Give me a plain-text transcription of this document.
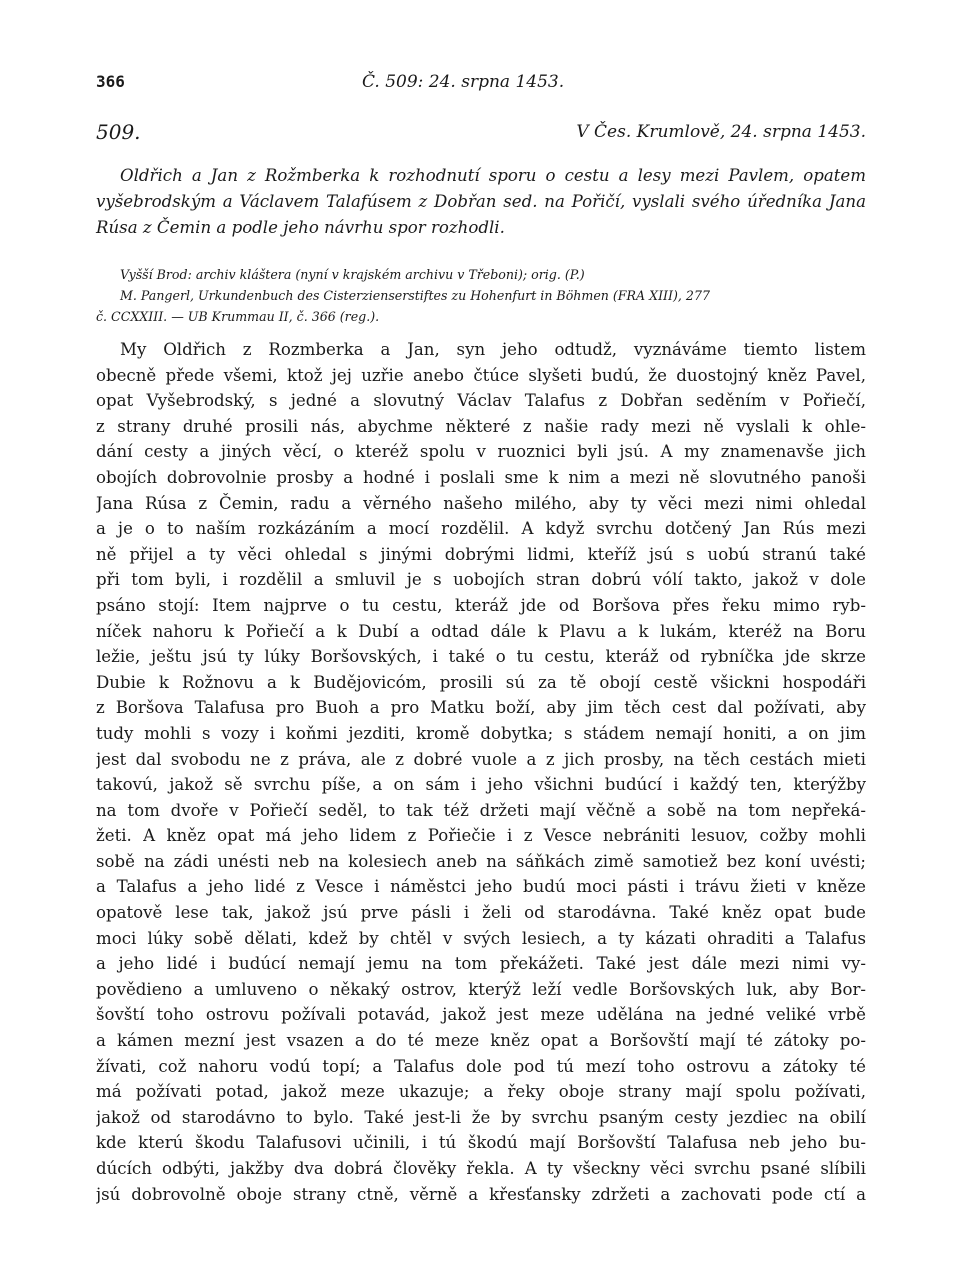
366	Č. 509: 24. srpna 1453.
509.	V Čes. Krumlově, 24. srpna 1453.

Oldřich a Jan z Rožmberka k rozhodnutí sporu o cestu a lesy mezi Pavlem, opatem vyšebrodským a Václavem Talafúsem z Dobřan sed. na Pořičí, vyslali svého úředníka Jana Rúsa z Čemin a podle jeho návrhu spor rozhodli.

Vyšší Brod: archiv kláštera (nyní v krajském archivu v Třeboni); orig. (P.)
M. Pangerl, Urkundenbuch des Cisterzienserstiftes zu Hohenfurt in Böhmen (FRA XIII), 277
č. CCXXIII. — UB Krummau II, č. 366 (reg.).
My Oldřich z Rozmberka a Jan, syn jeho odtudž, vyznáváme tiemto listem
obecně přede všemi, ktož jej uzřie anebo čtúce slyšeti budú, že duostojný kněz Pavel,
opat Vyšebrodský, s jedné a slovutný Václav Talafus z Dobřan seděním v Pořiečí,
z strany druhé prosili nás, abychme některé z našie rady mezi ně vyslali k ohle-
dání cesty a jiných věcí, o kteréž spolu v ruoznici byli jsú. A my znamenavše jich
obojích dobrovolnie prosby a hodné i poslali sme k nim a mezi ně slovutného panoši
Jana Rúsa z Čemin, radu a věrného našeho milého, aby ty věci mezi nimi ohledal
a je o to naším rozkázáním a mocí rozdělil. A když svrchu dotčený Jan Rús mezi
ně přijel a ty věci ohledal s jinými dobrými lidmi, kteříž jsú s uobú stranú také
při tom byli, i rozdělil a smluvil je s uobojích stran dobrú vólí takto, jakož v dole
psáno stojí: Item najprve o tu cestu, kteráž jde od Boršova přes řeku mimo ryb-
níček nahoru k Pořiečí a k Dubí a odtad dále k Plavu a k lukám, kteréž na Boru
ležie, ještu jsú ty lúky Boršovských, i také o tu cestu, kteráž od rybníčka jde skrze
Dubie k Rožnovu a k Budějovicóm, prosili sú za tě obojí cestě všicknі hospodáři
z Boršova Talafusa pro Buoh a pro Matku boží, aby jim těch cest dal požívati, aby
tudy mohli s vozy i koňmi jezditi, kromě dobytka; s stádem nemají honiti, a on jim
jest dal svobodu ne z práva, ale z dobré vuole a z jich prosby, na těch cestách mieti
takovú, jakož sě svrchu píše, a on sám i jeho všichni budúcí i každý ten, kterýžby
na tom dvoře v Pořiečí seděl, to tak též držeti mají věčně a sobě na tom nepřeká-
žeti. A kněz opat má jeho lidem z Pořiečie i z Vesce nebrániti lesuov, cožby mohli
sobě na zádi unésti neb na kolesiech aneb na sáňkách zimě samotiež bez koní uvésti;
a Talafus a jeho lidé z Vesce i náměstci jeho budú moci pásti i trávu žieti v kněze
opatově lese tak, jakož jsú prve pásli i želi od starodávna. Také kněz opat bude
moci lúky sobě dělati, kdež by chtěl v svých lesiech, a ty kázati ohraditi a Talafus
a jeho lidé i budúcí nemají jemu na tom překážeti. Také jest dále mezi nimi vy-
povědieno a umluveno o někaký ostrov, kterýž leží vedle Boršovských luk, aby Bor-
šovští toho ostrovu požívali potavád, jakož jest meze udělána na jedné veliké vrbě
a kámen mezní jest vsazen a do té meze kněz opat a Boršovští mají té zátoky po-
žívati, což nahoru vodú topí; a Talafus dole pod tú mezí toho ostrovu a zátoky té
má požívati potad, jakož meze ukazuje; a řeky oboje strany mají spolu požívati,
jakož od starodávno to bylo. Také jest-li že by svrchu psaným cesty jezdiec na obilí
kde kterú škodu Talafusovi učinili, i tú škodú mají Boršovští Talafusa neb jeho bu-
dúcích odbýti, jakžby dva dobrá člověky řekla. A ty všeckny věci svrchu psané slíbili
jsú dobrovolně oboje strany ctně, věrně a křesťansky zdržeti a zachovati pode ctí a
